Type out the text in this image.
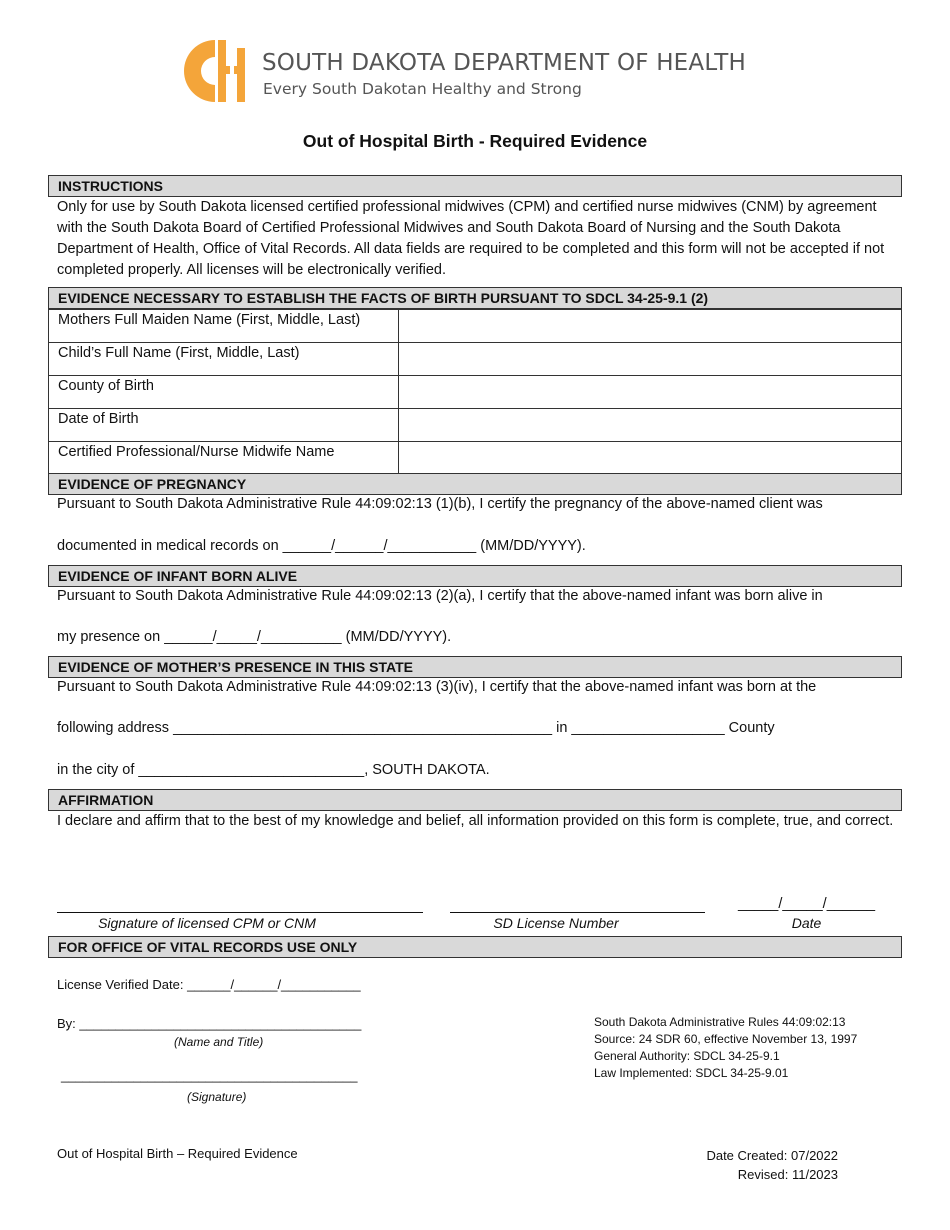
SOUTH DAKOTA DEPARTMENT OF HEALTH
Every South Dakotan Healthy and Strong
Out of Hospital Birth - Required Evidence
INSTRUCTIONS
Only for use by South Dakota licensed certified professional midwives (CPM) and certified nurse midwives (CNM) by agreement with the South Dakota Board of Certified Professional Midwives and South Dakota Board of Nursing and the South Dakota Department of Health, Office of Vital Records. All data fields are required to be completed and this form will not be accepted if not completed properly. All licenses will be electronically verified.
EVIDENCE NECESSARY TO ESTABLISH THE FACTS OF BIRTH PURSUANT TO SDCL 34-25-9.1 (2)
Mothers Full Maiden Name (First, Middle, Last)	
Child’s Full Name (First, Middle, Last)	
County of Birth	
Date of Birth	
Certified Professional/Nurse Midwife Name	
EVIDENCE OF PREGNANCY
Pursuant to South Dakota Administrative Rule 44:09:02:13 (1)(b), I certify the pregnancy of the above-named client was
documented in medical records on ______/______/___________ (MM/DD/YYYY).
EVIDENCE OF INFANT BORN ALIVE
Pursuant to South Dakota Administrative Rule 44:09:02:13 (2)(a), I certify that the above-named infant was born alive in
my presence on ______/_____/__________ (MM/DD/YYYY).
EVIDENCE OF MOTHER’S PRESENCE IN THIS STATE
Pursuant to South Dakota Administrative Rule 44:09:02:13 (3)(iv), I certify that the above-named infant was born at the
following address _______________________________________________ in ___________________ County
in the city of ____________________________, SOUTH DAKOTA.
AFFIRMATION
I declare and affirm that to the best of my knowledge and belief, all information provided on this form is complete, true, and correct.
Signature of licensed CPM or CNM	SD License Number
_____/_____/______
Date
FOR OFFICE OF VITAL RECORDS USE ONLY
License Verified Date: ______/______/___________
By: _______________________________________
(Name and Title)
_________________________________________
(Signature)
South Dakota Administrative Rules 44:09:02:13
Source: 24 SDR 60, effective November 13, 1997
General Authority: SDCL 34-25-9.1
Law Implemented: SDCL 34-25-9.01
Out of Hospital Birth – Required Evidence	Date Created: 07/2022
Revised: 11/2023
